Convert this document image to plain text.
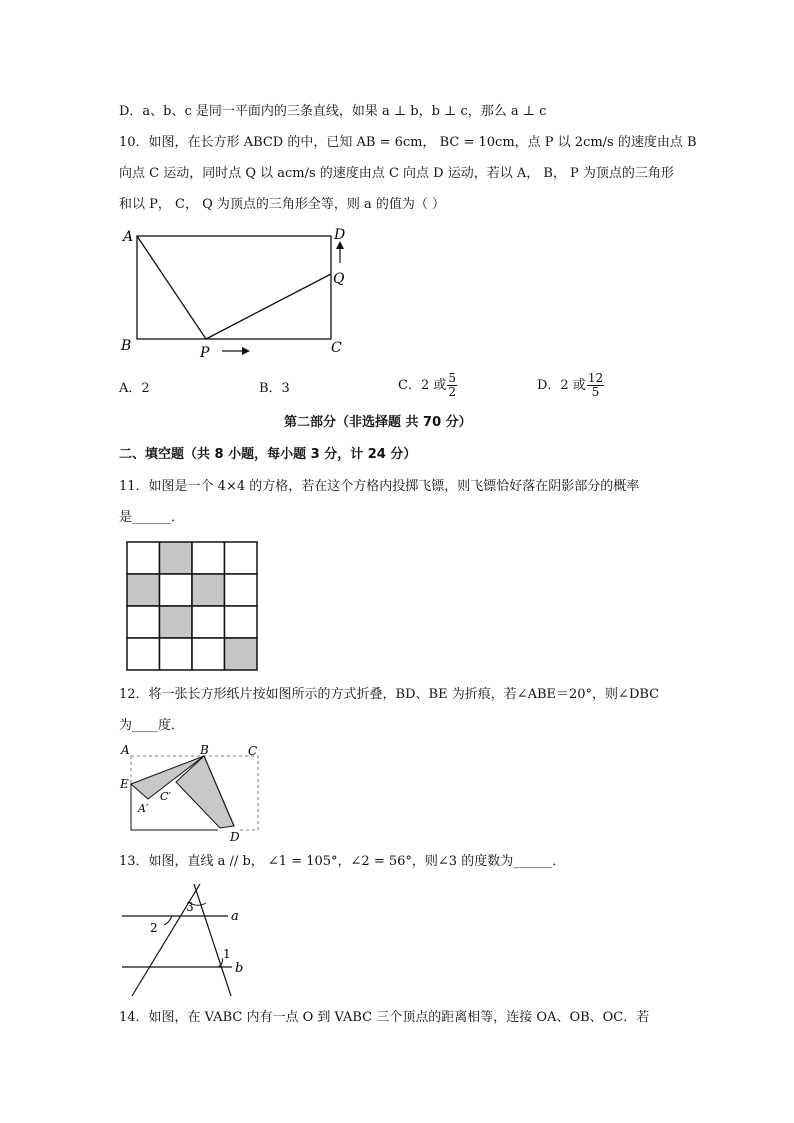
D．a、b、c 是同一平面内的三条直线，如果 a ⊥ b，b ⊥ c，那么 a ⊥ c
10．如图，在长方形 ABCD 的中，已知 AB = 6cm， BC = 10cm，点 P 以 2cm/s 的速度由点 B
向点 C 运动，同时点 Q 以 acm/s 的速度由点 C 向点 D 运动，若以 A， B， P 为顶点的三角形
和以 P， C， Q 为顶点的三角形全等，则 a 的值为（ ）
A	D
Q
B	C
P
A．2	B．3	C．2 或 $\frac{5}{2}$	D．2 或 $\frac{12}{5}$
第二部分（非选择题 共 70 分）
二、填空题（共 8 小题，每小题 3 分，计 24 分）
11．如图是一个 4×4 的方格，若在这个方格内投掷飞镖，则飞镖恰好落在阴影部分的概率
是______．
12．将一张长方形纸片按如图所示的方式折叠，BD、BE 为折痕，若∠ABE＝20°，则∠DBC
为____度．
A	B	C
E
A′
C′
D
13．如图，直线 a // b， ∠1 = 105°，∠2 = 56°，则∠3 的度数为______．
3
2
1
a
b
14．如图，在 VABC 内有一点 O 到 VABC 三个顶点的距离相等，连接 OA、OB、OC．若
